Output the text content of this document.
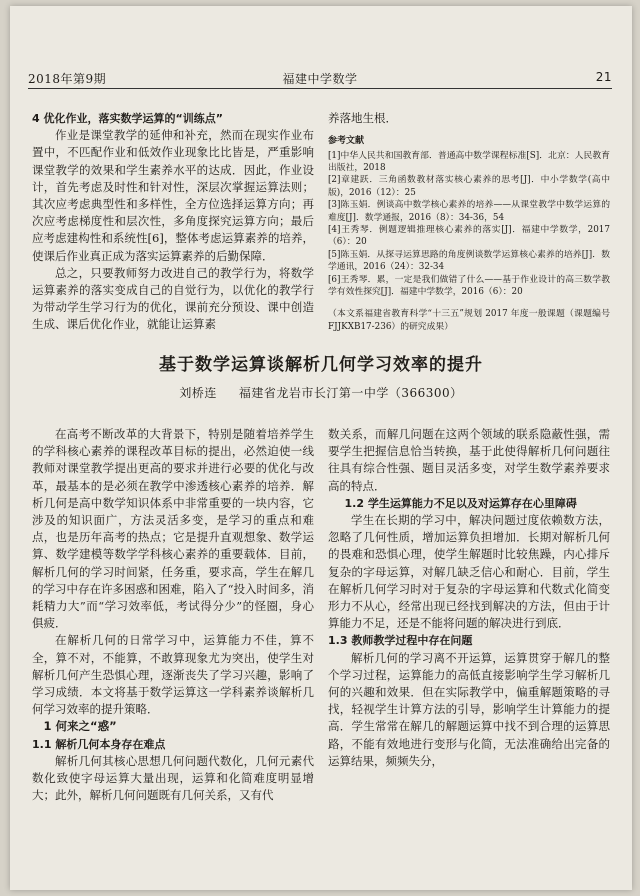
2018年第9期	福建中学数学	21
4 优化作业，落实数学运算的“训练点”

作业是课堂教学的延伸和补充，然而在现实作业布置中，不匹配作业和低效作业现象比比皆是，严重影响课堂教学的效果和学生素养水平的达成．因此，作业设计，首先考虑及时性和针对性，深层次掌握运算法则；其次应考虑典型性和多样性，全方位选择运算方向；再次应考虑梯度性和层次性，多角度探究运算方向；最后应考虑建构性和系统性[6]，整体考虑运算素养的培养，使课后作业真正成为落实运算素养的后勤保障．

总之，只要教师努力改进自己的教学行为，将数学运算素养的落实变成自己的自觉行为，以优化的教学行为带动学生学习行为的优化，课前充分预设、课中创造生成、课后优化作业，就能让运算素

养落地生根．

参考文献
[1]中华人民共和国教育部．普通高中数学课程标准[S]．北京：人民教育出版社，2018
[2]章建跃．三角函数教材落实核心素养的思考[J]．中小学数学(高中版)，2016（12）：25
[3]陈玉娟．例谈高中数学核心素养的培养——从课堂教学中数学运算的难度[J]．数学通报，2016（8）：34-36，54
[4]王秀琴．例题逻辑推理核心素养的落实[J]．福建中学数学，2017（6）：20
[5]陈玉娟．从探寻运算思路的角度例谈数学运算核心素养的培养[J]．数学通讯，2016（24）：32-34
[6]王秀琴．累，一定是我们做错了什么——基于作业设计的高三数学教学有效性探究[J]．福建中学数学，2016（6）：20
（本文系福建省教育科学“十三五”规划 2017 年度一般课题（课题编号FJJKXB17-236）的研究成果）
基于数学运算谈解析几何学习效率的提升
刘桥连 福建省龙岩市长汀第一中学（366300）

在高考不断改革的大背景下，特别是随着培养学生的学科核心素养的课程改革目标的提出，必然迫使一线教师对课堂教学提出更高的要求并进行必要的优化与改革，最基本的是必须在教学中渗透核心素养的培养．解析几何是高中数学知识体系中非常重要的一块内容，它涉及的知识面广，方法灵活多变，是学习的重点和难点，也是历年高考的热点；它是提升直观想象、数学运算、数学建模等数学学科核心素养的重要载体．目前，解析几何的学习时间紧，任务重，要求高，学生在解几的学习中存在许多困惑和困难，陷入了“投入时间多，消耗精力大”而“学习效率低，考试得分少”的怪圈，身心俱疲．

在解析几何的日常学习中，运算能力不佳，算不全，算不对，不能算，不敢算现象尤为突出，使学生对解析几何产生恐惧心理，逐渐丧失了学习兴趣，影响了学习成绩．本文将基于数学运算这一学科素养谈解析几何学习效率的提升策略．

1 何来之“惑”
1.1 解析几何本身存在难点

解析几何其核心思想几何问题代数化，几何元素代数化致使字母运算大量出现，运算和化简难度明显增大；此外，解析几何问题既有几何关系，又有代

数关系，而解几问题在这两个领域的联系隐蔽性强，需要学生把握信息恰当转换，基于此使得解析几何问题往往具有综合性强、题目灵活多变，对学生数学素养要求高的特点．

1.2 学生运算能力不足以及对运算存在心里障碍

学生在长期的学习中，解决问题过度依赖数方法，忽略了几何性质，增加运算负担增加．长期对解析几何的畏难和恐惧心理，使学生解题时比较焦躁，内心排斥复杂的字母运算，对解几缺乏信心和耐心．目前，学生在解析几何学习时对于复杂的字母运算和代数式化简变形力不从心，经常出现已经找到解决的方法，但由于计算能力不足，还是不能将问题的解决进行到底．

1.3 教师教学过程中存在问题

解析几何的学习离不开运算，运算贯穿于解几的整个学习过程，运算能力的高低直接影响学生学习解析几何的兴趣和效果．但在实际教学中，偏重解题策略的寻找，轻视学生计算方法的引导，影响学生计算能力的提高．学生常常在解几的解题运算中找不到合理的运算思路，不能有效地进行变形与化简，无法准确给出完备的运算结果，频频失分，
